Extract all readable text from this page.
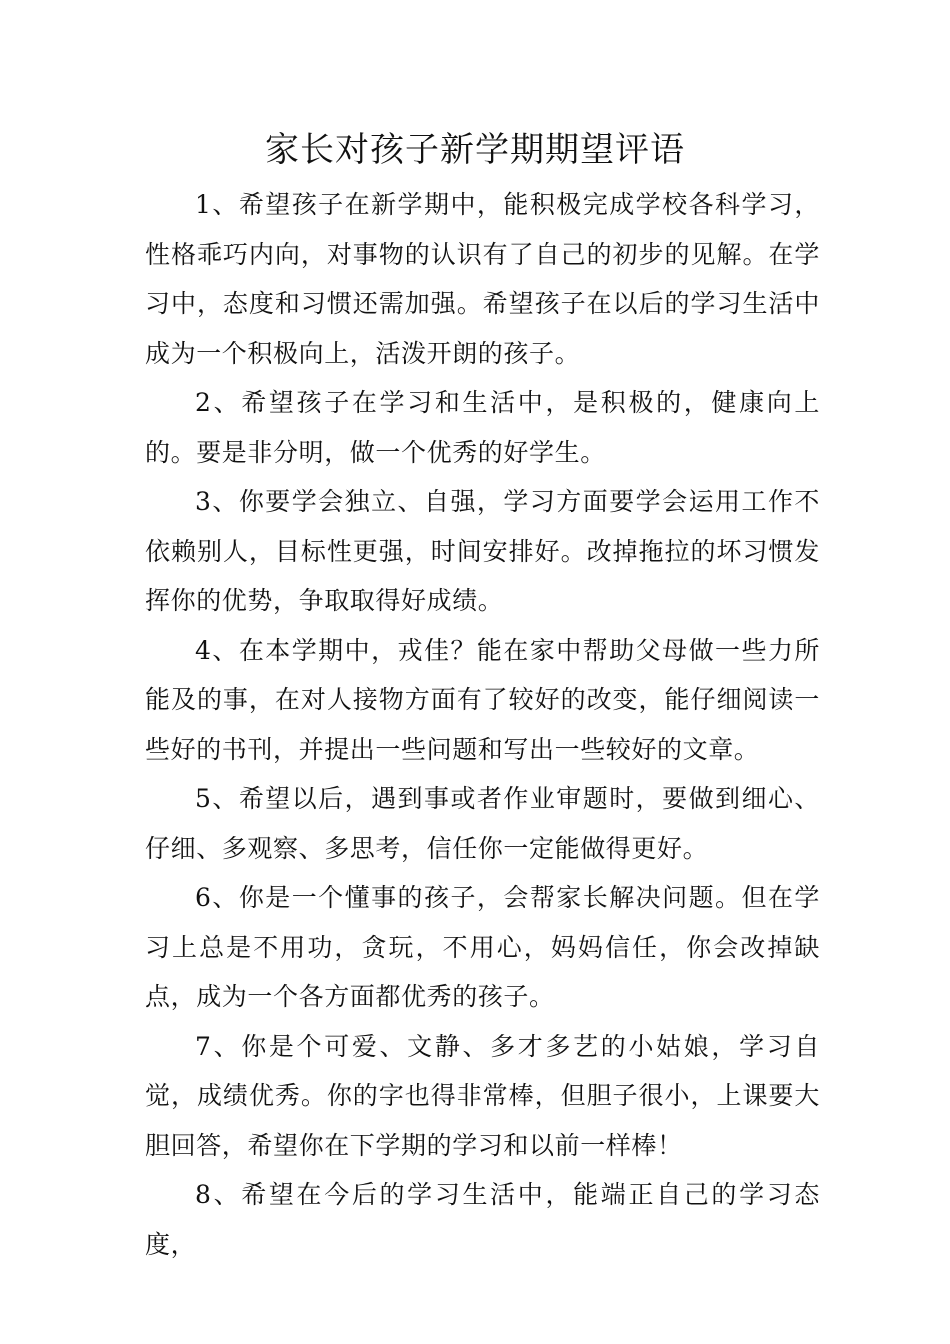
家长对孩子新学期期望评语

1、希望孩子在新学期中，能积极完成学校各科学习，性格乖巧内向，对事物的认识有了自己的初步的见解。在学习中，态度和习惯还需加强。希望孩子在以后的学习生活中成为一个积极向上，活泼开朗的孩子。

2、希望孩子在学习和生活中，是积极的，健康向上的。要是非分明，做一个优秀的好学生。

3、你要学会独立、自强，学习方面要学会运用工作不依赖别人，目标性更强，时间安排好。改掉拖拉的坏习惯发挥你的优势，争取取得好成绩。

4、在本学期中，戎佳？能在家中帮助父母做一些力所能及的事，在对人接物方面有了较好的改变，能仔细阅读一些好的书刊，并提出一些问题和写出一些较好的文章。

5、希望以后，遇到事或者作业审题时，要做到细心、仔细、多观察、多思考，信任你一定能做得更好。

6、你是一个懂事的孩子，会帮家长解决问题。但在学习上总是不用功，贪玩，不用心，妈妈信任，你会改掉缺点，成为一个各方面都优秀的孩子。

7、你是个可爱、文静、多才多艺的小姑娘，学习自觉，成绩优秀。你的字也得非常棒，但胆子很小，上课要大胆回答，希望你在下学期的学习和以前一样棒！

8、希望在今后的学习生活中，能端正自己的学习态度，
